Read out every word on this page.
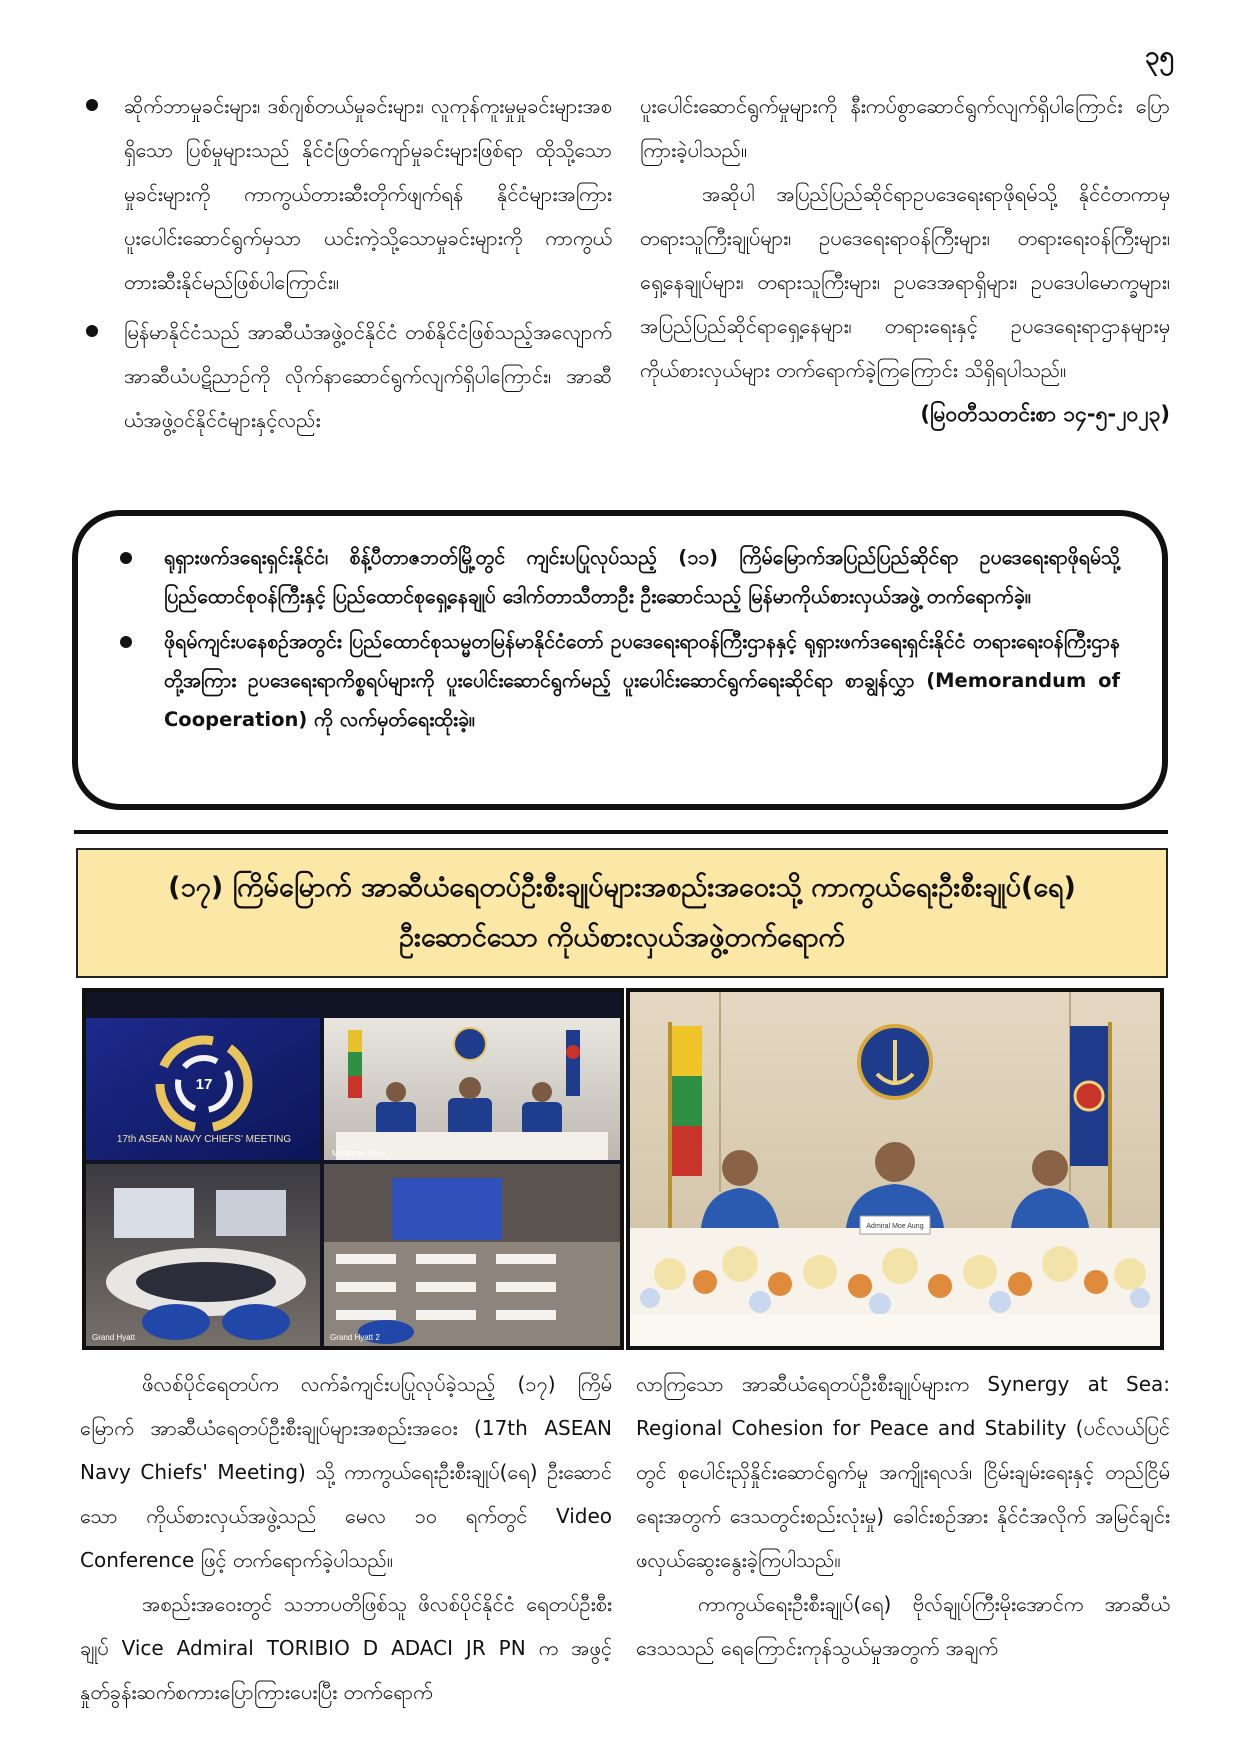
၃၅

ဆိုက်ဘာမှုခင်းများ၊ ဒစ်ဂျစ်တယ်မှုခင်းများ၊ လူကုန်ကူးမှုမှုခင်းများအစရှိသော ပြစ်မှုများသည် နိုင်ငံဖြတ်ကျော်မှုခင်းများဖြစ်ရာ ထိုသို့သောမှုခင်းများကို ကာကွယ်တားဆီးတိုက်ဖျက်ရန် နိုင်ငံများအကြားပူးပေါင်းဆောင်ရွက်မှသာ ယင်းကဲ့သို့သောမှုခင်းများကို ကာကွယ်တားဆီးနိုင်မည်ဖြစ်ပါကြောင်း။

မြန်မာနိုင်ငံသည် အာဆီယံအဖွဲ့ဝင်နိုင်ငံ တစ်နိုင်ငံဖြစ်သည့်အလျောက် အာဆီယံပဋိညာဉ်ကို လိုက်နာဆောင်ရွက်လျက်ရှိပါကြောင်း၊ အာဆီယံအဖွဲ့ဝင်နိုင်ငံများနှင့်လည်း

ပူးပေါင်းဆောင်ရွက်မှုများကို နီးကပ်စွာဆောင်ရွက်လျက်ရှိပါကြောင်း ပြောကြားခဲ့ပါသည်။

အဆိုပါ အပြည်ပြည်ဆိုင်ရာဥပဒေရေးရာဖိုရမ်သို့ နိုင်ငံတကာမှတရားသူကြီးချုပ်များ၊ ဥပဒေရေးရာဝန်ကြီးများ၊ တရားရေးဝန်ကြီးများ၊ ရှေ့နေချုပ်များ၊ တရားသူကြီးများ၊ ဥပဒေအရာရှိများ၊ ဥပဒေပါမောက္ခများ၊ အပြည်ပြည်ဆိုင်ရာရှေ့နေများ၊ တရားရေးနှင့် ဥပဒေရေးရာဌာနများမှ ကိုယ်စားလှယ်များ တက်ရောက်ခဲ့ကြကြောင်း သိရှိရပါသည်။

(မြဝတီသတင်းစာ ၁၄-၅-၂၀၂၃)

ရုရှားဖက်ဒရေးရှင်းနိုင်ငံ၊ စိန့်ပီတာဇဘတ်မြို့တွင် ကျင်းပပြုလုပ်သည့် (၁၁) ကြိမ်မြောက်အပြည်ပြည်ဆိုင်ရာ ဥပဒေရေးရာဖိုရမ်သို့ ပြည်ထောင်စုဝန်ကြီးနှင့် ပြည်ထောင်စုရှေ့နေချုပ် ဒေါက်တာသီတာဦး ဦးဆောင်သည့် မြန်မာကိုယ်စားလှယ်အဖွဲ့ တက်ရောက်ခဲ့။
ဖိုရမ်ကျင်းပနေစဉ်အတွင်း ပြည်ထောင်စုသမ္မတမြန်မာနိုင်ငံတော် ဥပဒေရေးရာဝန်ကြီးဌာနနှင့် ရုရှားဖက်ဒရေးရှင်းနိုင်ငံ တရားရေးဝန်ကြီးဌာနတို့အကြား ဥပဒေရေးရာကိစ္စရပ်များကို ပူးပေါင်းဆောင်ရွက်မည့် ပူးပေါင်းဆောင်ရွက်ရေးဆိုင်ရာ စာချွန်လွှာ (Memorandum of Cooperation) ကို လက်မှတ်ရေးထိုးခဲ့။
(၁၇) ကြိမ်မြောက် အာဆီယံရေတပ်ဦးစီးချုပ်များအစည်းအဝေးသို့ ကာကွယ်ရေးဦးစီးချုပ်(ရေ)
ဦးဆောင်သော ကိုယ်စားလှယ်အဖွဲ့တက်ရောက်
17
17th ASEAN NAVY CHIEFS' MEETING
Myanmar Navy
Grand Hyatt	Grand Hyatt 2
Admiral Moe Aung

ဖိလစ်ပိုင်ရေတပ်က လက်ခံကျင်းပပြုလုပ်ခဲ့သည့် (၁၇) ကြိမ်မြောက် အာဆီယံရေတပ်ဦးစီးချုပ်များအစည်းအဝေး (17th ASEAN Navy Chiefs' Meeting) သို့ ကာကွယ်ရေးဦးစီးချုပ်(ရေ) ဦးဆောင်သော ကိုယ်စားလှယ်အဖွဲ့သည် မေလ ၁၀ ရက်တွင် Video Conference ဖြင့် တက်ရောက်ခဲ့ပါသည်။

အစည်းအဝေးတွင် သဘာပတိဖြစ်သူ ဖိလစ်ပိုင်နိုင်ငံ ရေတပ်ဦးစီးချုပ် Vice Admiral TORIBIO D ADACI JR PN က အဖွင့်နှုတ်ခွန်းဆက်စကားပြောကြားပေးပြီး တက်ရောက်

လာကြသော အာဆီယံရေတပ်ဦးစီးချုပ်များက Synergy at Sea: Regional Cohesion for Peace and Stability (ပင်လယ်ပြင်တွင် စုပေါင်းညှိနှိုင်းဆောင်ရွက်မှု အကျိုးရလဒ်၊ ငြိမ်းချမ်းရေးနှင့် တည်ငြိမ်ရေးအတွက် ဒေသတွင်းစည်းလုံးမှု) ခေါင်းစဉ်အား နိုင်ငံအလိုက် အမြင်ချင်းဖလှယ်ဆွေးနွေးခဲ့ကြပါသည်။

ကာကွယ်ရေးဦးစီးချုပ်(ရေ) ဗိုလ်ချုပ်ကြီးမိုးအောင်က အာဆီယံဒေသသည် ရေကြောင်းကုန်သွယ်မှုအတွက် အချက်
